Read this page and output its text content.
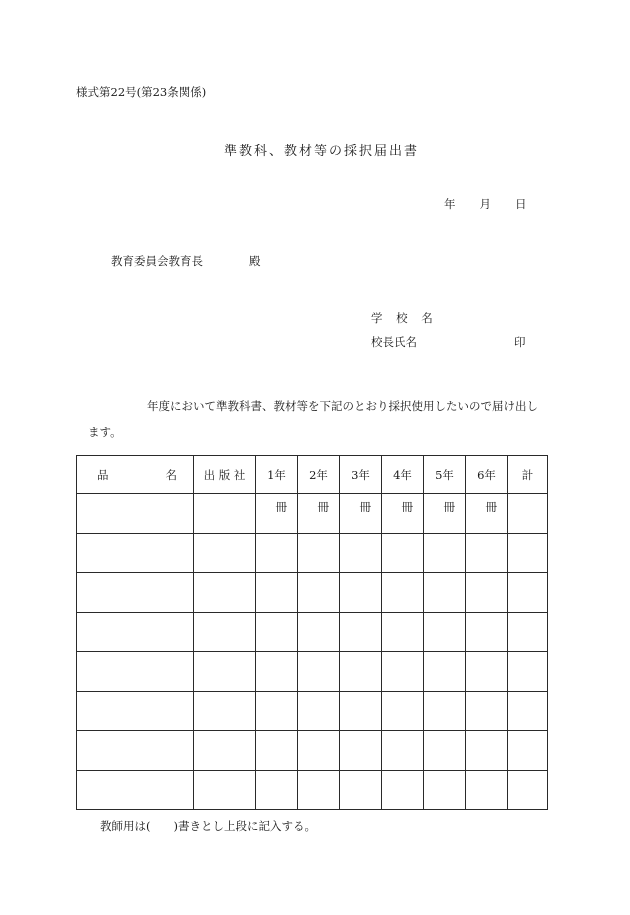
様式第22号(第23条関係)
準教科、教材等の採択届出書
年 月 日
教育委員会教育長	殿
学 校 名
校長氏名	印
年度において準教科書、教材等を下記のとおり採択使用したいので届け出し
ます。
品 名	出 版 社	1年	2年	3年	4年	5年	6年	計
		冊	冊	冊	冊	冊	冊	

教師用は(　　)書きとし上段に記入する。
